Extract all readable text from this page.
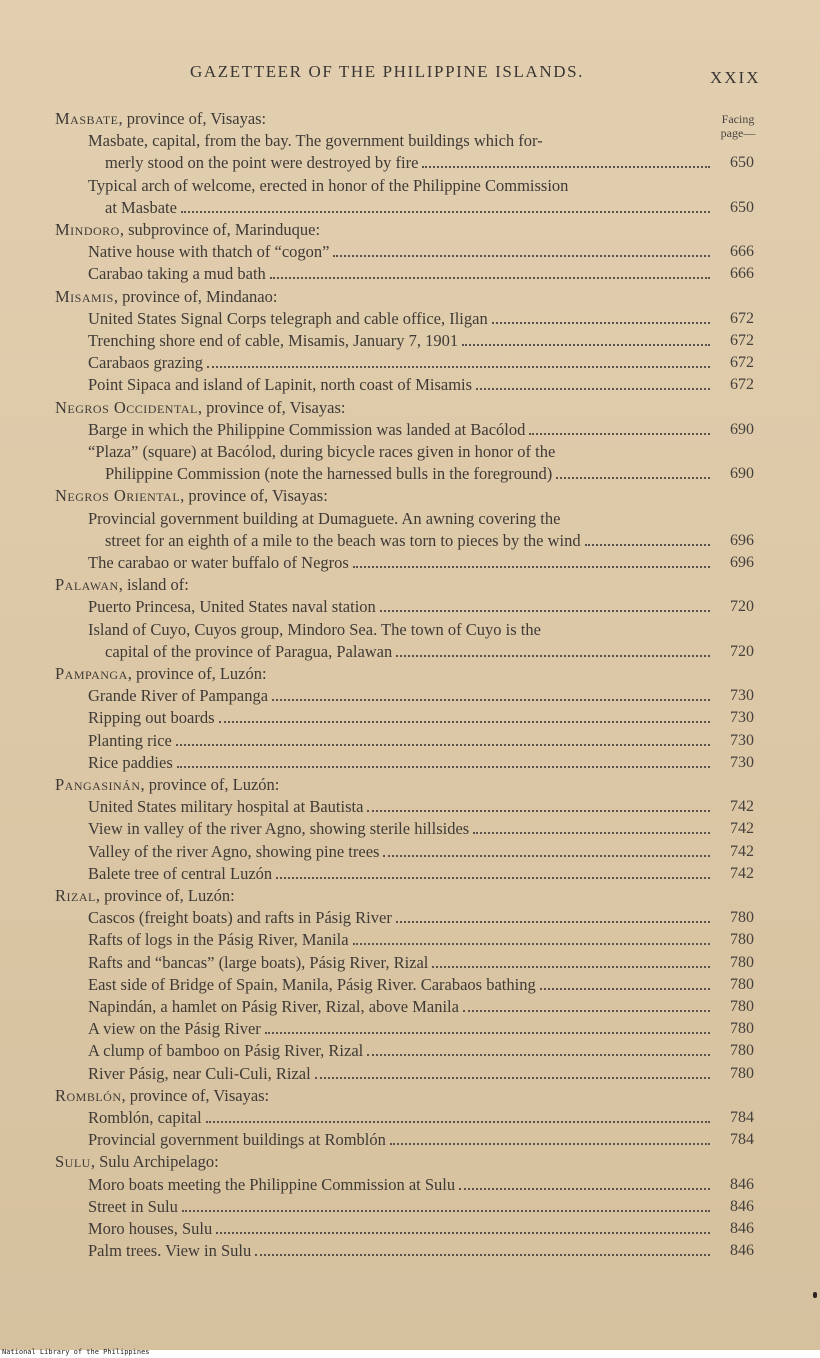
GAZETTEER OF THE PHILIPPINE ISLANDS.	XXIX
Facing page—
Masbate, province of, Visayas:
Masbate, capital, from the bay. The government buildings which for-
650
merly stood on the point were destroyed by fire
Typical arch of welcome, erected in honor of the Philippine Commission
650
at Masbate
Mindoro, subprovince of, Marinduque:
666
Native house with thatch of “cogon”
666
Carabao taking a mud bath
Misamis, province of, Mindanao:
672
United States Signal Corps telegraph and cable office, Iligan
672
Trenching shore end of cable, Misamis, January 7, 1901
672
Carabaos grazing
672
Point Sipaca and island of Lapinit, north coast of Misamis
Negros Occidental, province of, Visayas:
690
Barge in which the Philippine Commission was landed at Bacólod
“Plaza” (square) at Bacólod, during bicycle races given in honor of the
690
Philippine Commission (note the harnessed bulls in the foreground)
Negros Oriental, province of, Visayas:
Provincial government building at Dumaguete. An awning covering the
696
street for an eighth of a mile to the beach was torn to pieces by the wind
696
The carabao or water buffalo of Negros
Palawan, island of:
720
Puerto Princesa, United States naval station
Island of Cuyo, Cuyos group, Mindoro Sea. The town of Cuyo is the
720
capital of the province of Paragua, Palawan
Pampanga, province of, Luzón:
730
Grande River of Pampanga
730
Ripping out boards
730
Planting rice
730
Rice paddies
Pangasinán, province of, Luzón:
742
United States military hospital at Bautista
742
View in valley of the river Agno, showing sterile hillsides
742
Valley of the river Agno, showing pine trees
742
Balete tree of central Luzón
Rizal, province of, Luzón:
780
Cascos (freight boats) and rafts in Pásig River
780
Rafts of logs in the Pásig River, Manila
780
Rafts and “bancas” (large boats), Pásig River, Rizal
780
East side of Bridge of Spain, Manila, Pásig River. Carabaos bathing
780
Napindán, a hamlet on Pásig River, Rizal, above Manila
780
A view on the Pásig River
780
A clump of bamboo on Pásig River, Rizal
780
River Pásig, near Culi-Culi, Rizal
Romblón, province of, Visayas:
784
Romblón, capital
784
Provincial government buildings at Romblón
Sulu, Sulu Archipelago:
846
Moro boats meeting the Philippine Commission at Sulu
846
Street in Sulu
846
Moro houses, Sulu
846
Palm trees. View in Sulu
National Library of the Philippines
